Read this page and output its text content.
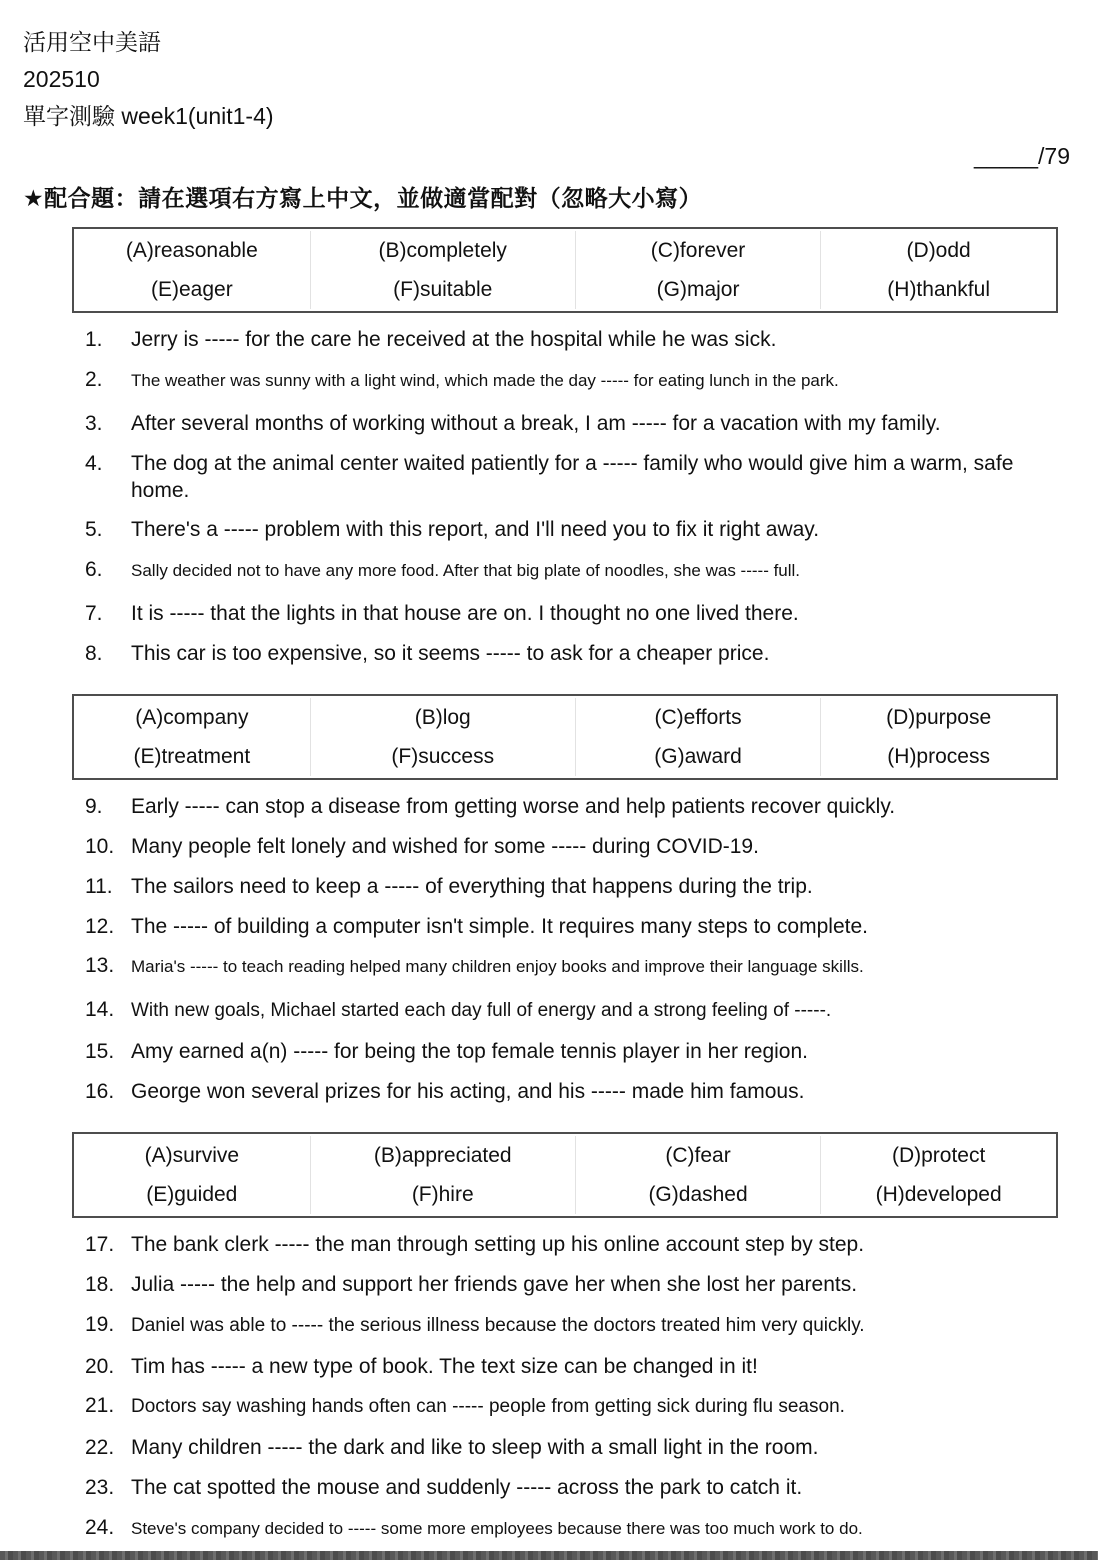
活用空中美語
202510
單字測驗 week1(unit1-4)
_____/79
★配合題：請在選項右方寫上中文，並做適當配對（忽略大小寫）
(A)reasonable	(B)completely	(C)forever	(D)odd
(E)eager	(F)suitable	(G)major	(H)thankful
1.	Jerry is ----- for the care he received at the hospital while he was sick.
2.	The weather was sunny with a light wind, which made the day ----- for eating lunch in the park.
3.	After several months of working without a break, I am ----- for a vacation with my family.
4.	The dog at the animal center waited patiently for a ----- family who would give him a warm, safe home.
5.	There's a ----- problem with this report, and I'll need you to fix it right away.
6.	Sally decided not to have any more food. After that big plate of noodles, she was ----- full.
7.	It is ----- that the lights in that house are on. I thought no one lived there.
8.	This car is too expensive, so it seems ----- to ask for a cheaper price.
(A)company	(B)log	(C)efforts	(D)purpose
(E)treatment	(F)success	(G)award	(H)process
9.	Early ----- can stop a disease from getting worse and help patients recover quickly.
10. Many people felt lonely and wished for some ----- during COVID-19.
11. The sailors need to keep a ----- of everything that happens during the trip.
12. The ----- of building a computer isn't simple. It requires many steps to complete.
13. Maria's ----- to teach reading helped many children enjoy books and improve their language skills.
14. With new goals, Michael started each day full of energy and a strong feeling of -----.
15. Amy earned a(n) ----- for being the top female tennis player in her region.
16. George won several prizes for his acting, and his ----- made him famous.
(A)survive	(B)appreciated	(C)fear	(D)protect
(E)guided	(F)hire	(G)dashed	(H)developed
17. The bank clerk ----- the man through setting up his online account step by step.
18. Julia ----- the help and support her friends gave her when she lost her parents.
19. Daniel was able to ----- the serious illness because the doctors treated him very quickly.
20. Tim has ----- a new type of book. The text size can be changed in it!
21. Doctors say washing hands often can ----- people from getting sick during flu season.
22. Many children ----- the dark and like to sleep with a small light in the room.
23. The cat spotted the mouse and suddenly ----- across the park to catch it.
24. Steve's company decided to ----- some more employees because there was too much work to do.
